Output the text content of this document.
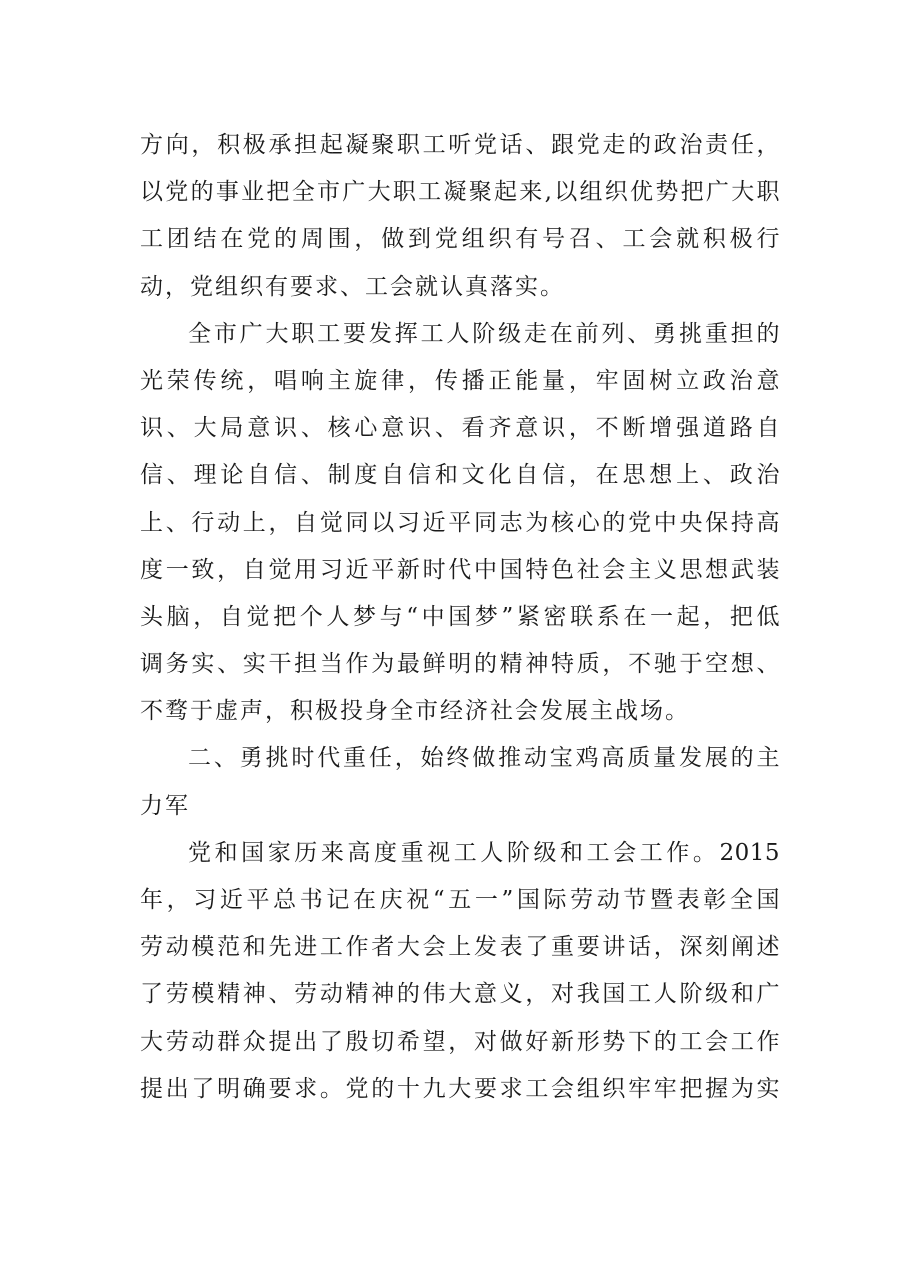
方向，积极承担起凝聚职工听党话、跟党走的政治责任，
以党的事业把全市广大职工凝聚起来,以组织优势把广大职
工团结在党的周围，做到党组织有号召、工会就积极行
动，党组织有要求、工会就认真落实。
全市广大职工要发挥工人阶级走在前列、勇挑重担的
光荣传统，唱响主旋律，传播正能量，牢固树立政治意
识、大局意识、核心意识、看齐意识，不断增强道路自
信、理论自信、制度自信和文化自信，在思想上、政治
上、行动上，自觉同以习近平同志为核心的党中央保持高
度一致，自觉用习近平新时代中国特色社会主义思想武装
头脑，自觉把个人梦与“中国梦”紧密联系在一起，把低
调务实、实干担当作为最鲜明的精神特质，不驰于空想、
不骛于虚声，积极投身全市经济社会发展主战场。
二、勇挑时代重任，始终做推动宝鸡高质量发展的主
力军
党和国家历来高度重视工人阶级和工会工作。2015
年，习近平总书记在庆祝“五一”国际劳动节暨表彰全国
劳动模范和先进工作者大会上发表了重要讲话，深刻阐述
了劳模精神、劳动精神的伟大意义，对我国工人阶级和广
大劳动群众提出了殷切希望，对做好新形势下的工会工作
提出了明确要求。党的十九大要求工会组织牢牢把握为实
